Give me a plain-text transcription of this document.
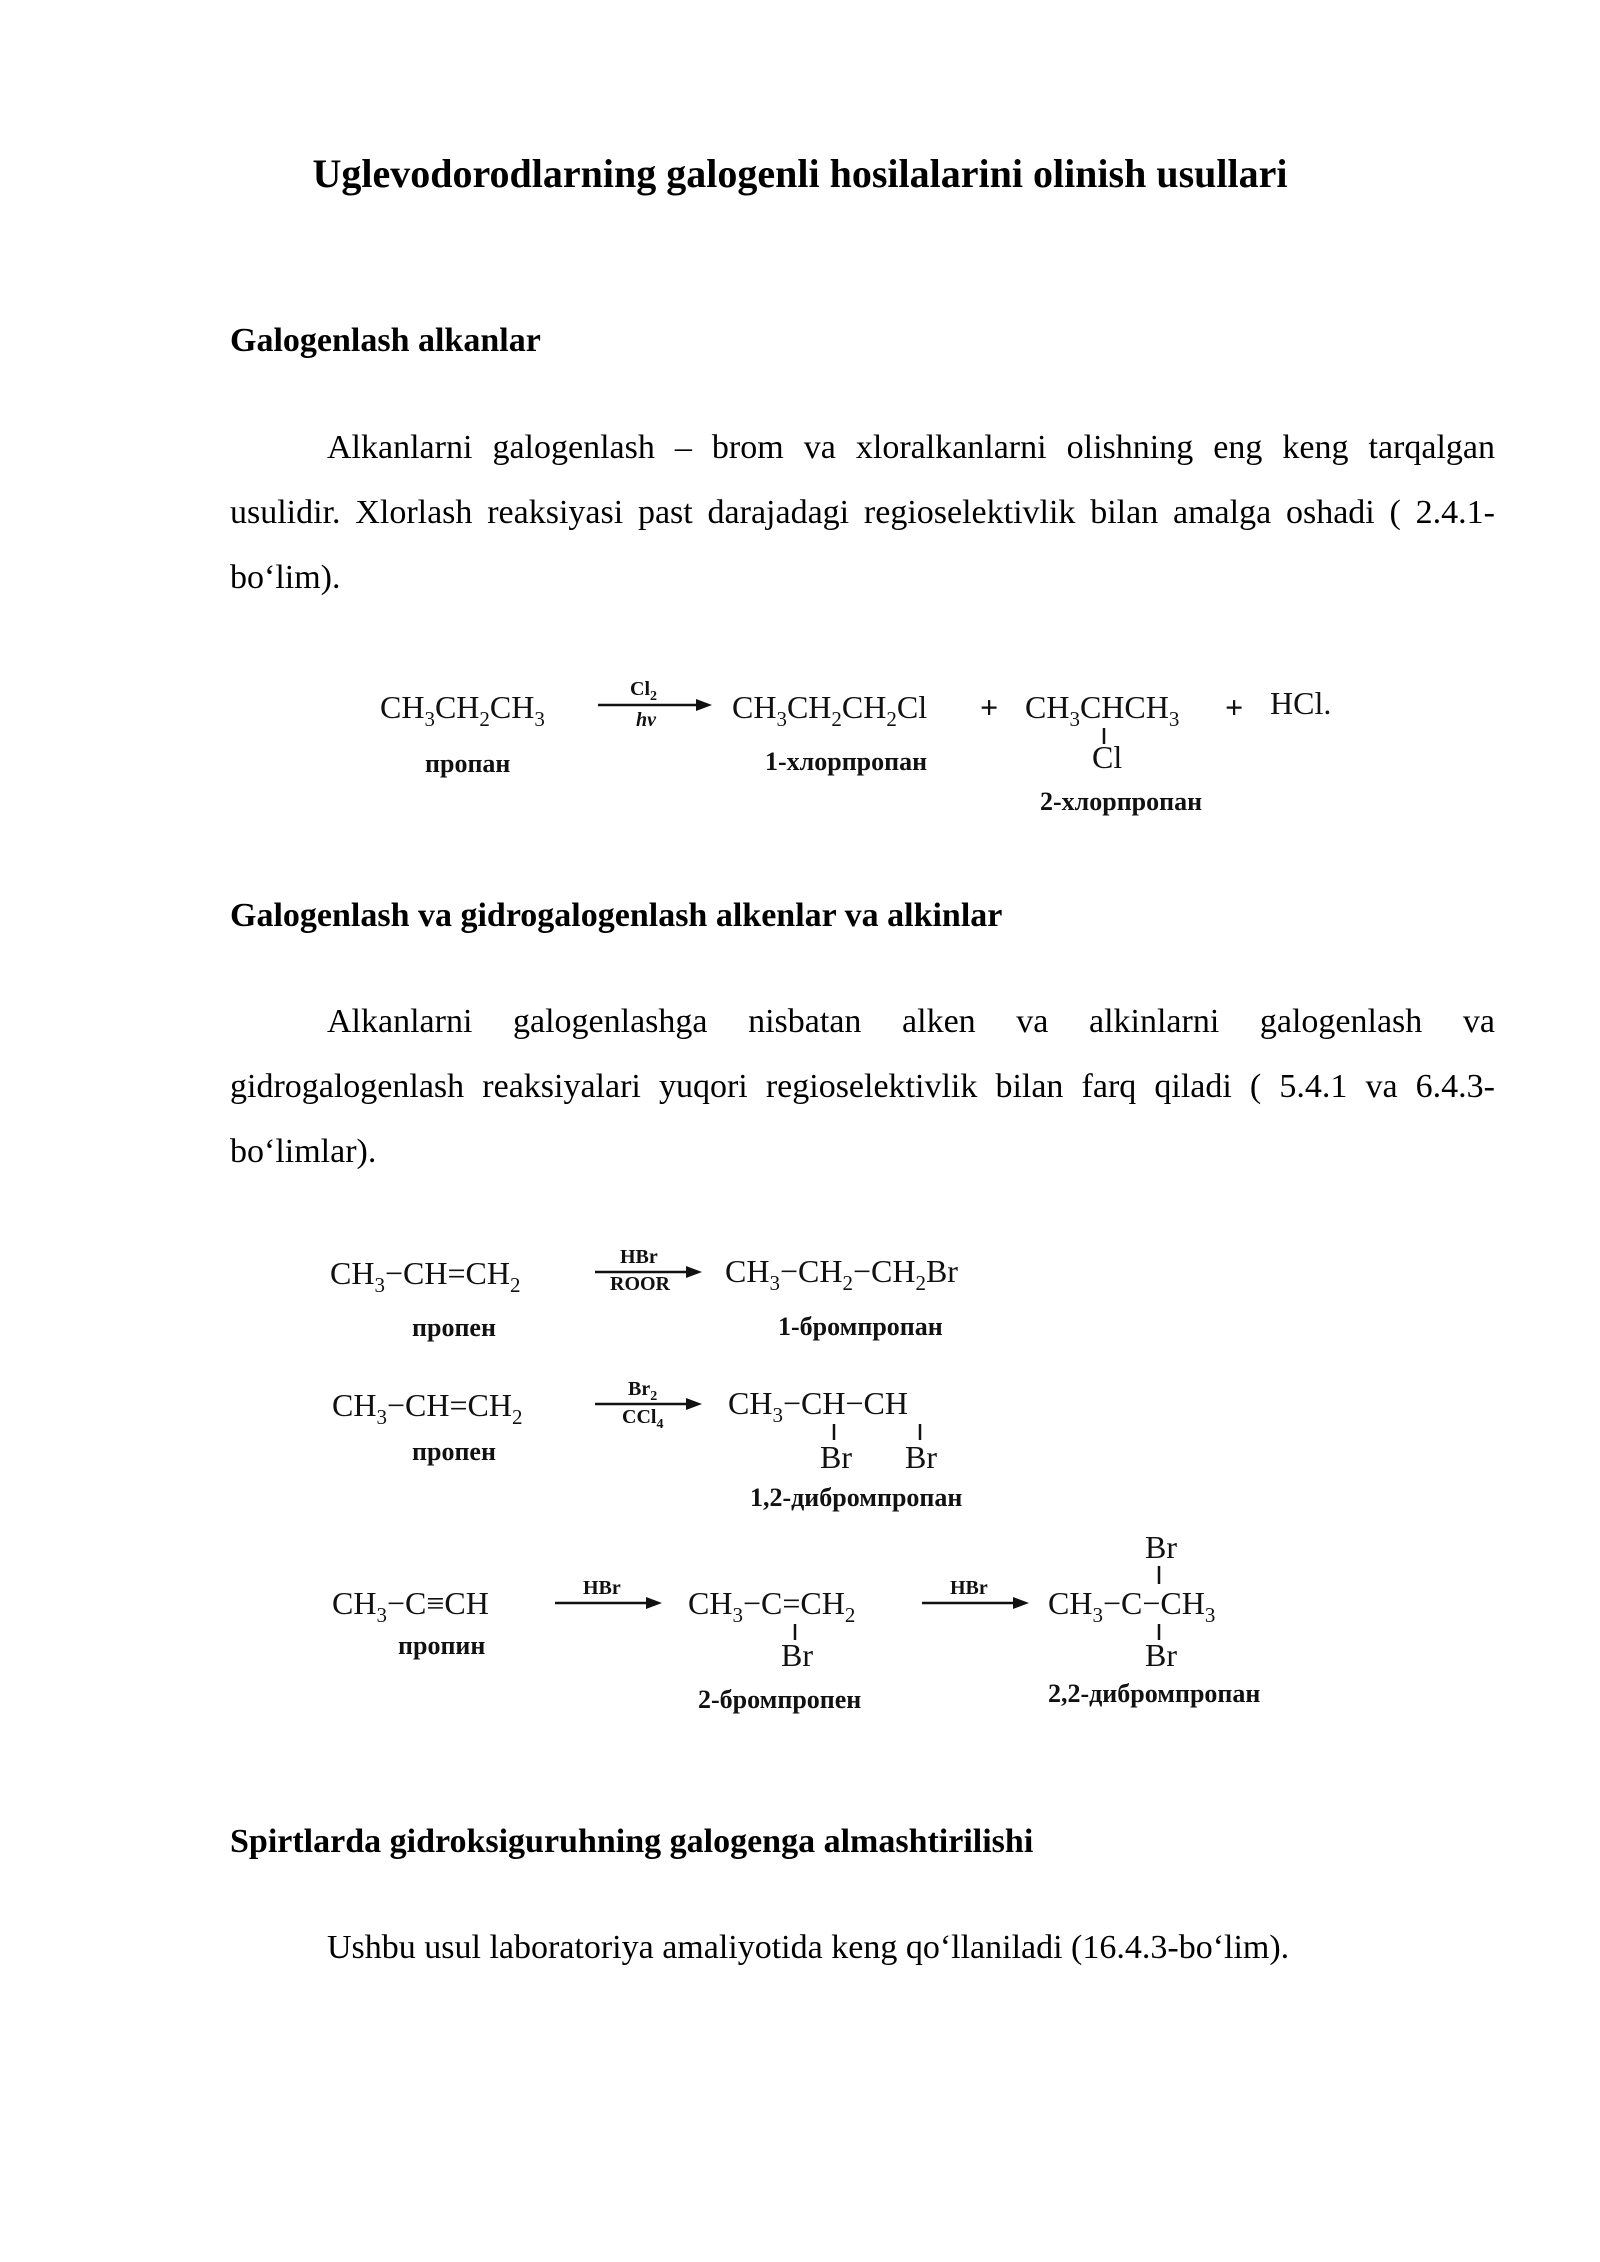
Uglevodorodlarning galogenli hosilalarini olinish usullari
Galogenlash alkanlar

Alkanlarni galogenlash – brom va xloralkanlarni olishning eng keng tarqalgan usulidir. Xlorlash reaksiyasi past darajadagi regioselektivlik bilan amalga oshadi ( 2.4.1-bo‘lim).

Galogenlash va gidrogalogenlash alkenlar va alkinlar

Alkanlarni galogenlashga nisbatan alken va alkinlarni galogenlash va gidrogalogenlash reaksiyalari yuqori regioselektivlik bilan farq qiladi ( 5.4.1 va 6.4.3-bo‘limlar).

Spirtlarda gidroksiguruhning galogenga almashtirilishi

Ushbu usul laboratoriya amaliyotida keng qo‘llaniladi (16.4.3-bo‘lim).

$CH_3CH_2CH_3$
$Cl_2$
hv $CH_3CH_2CH_2Cl$ + $CH_3CHCH_3$
Cl
+ HCl.
пропан	1-хлорпропан
2-хлорпропан
$CH_3-CH=CH_2$
HBr
ROOR $CH_3-CH_2-CH_2Br$
пропен	1-бромпропан
$CH_3-CH=CH_2$
$Br_2$
CCl$_4$
$CH_3-CH-CH$
Br Br
пропен
1,2-дибромпропан
$CH_3-C\equiv CH$	HBr $CH_3-C=CH_2$
Br
HBr $CH_3-C-CH_3$
Br
Br
пропин
2-бромпропен	2,2-дибромпропан
